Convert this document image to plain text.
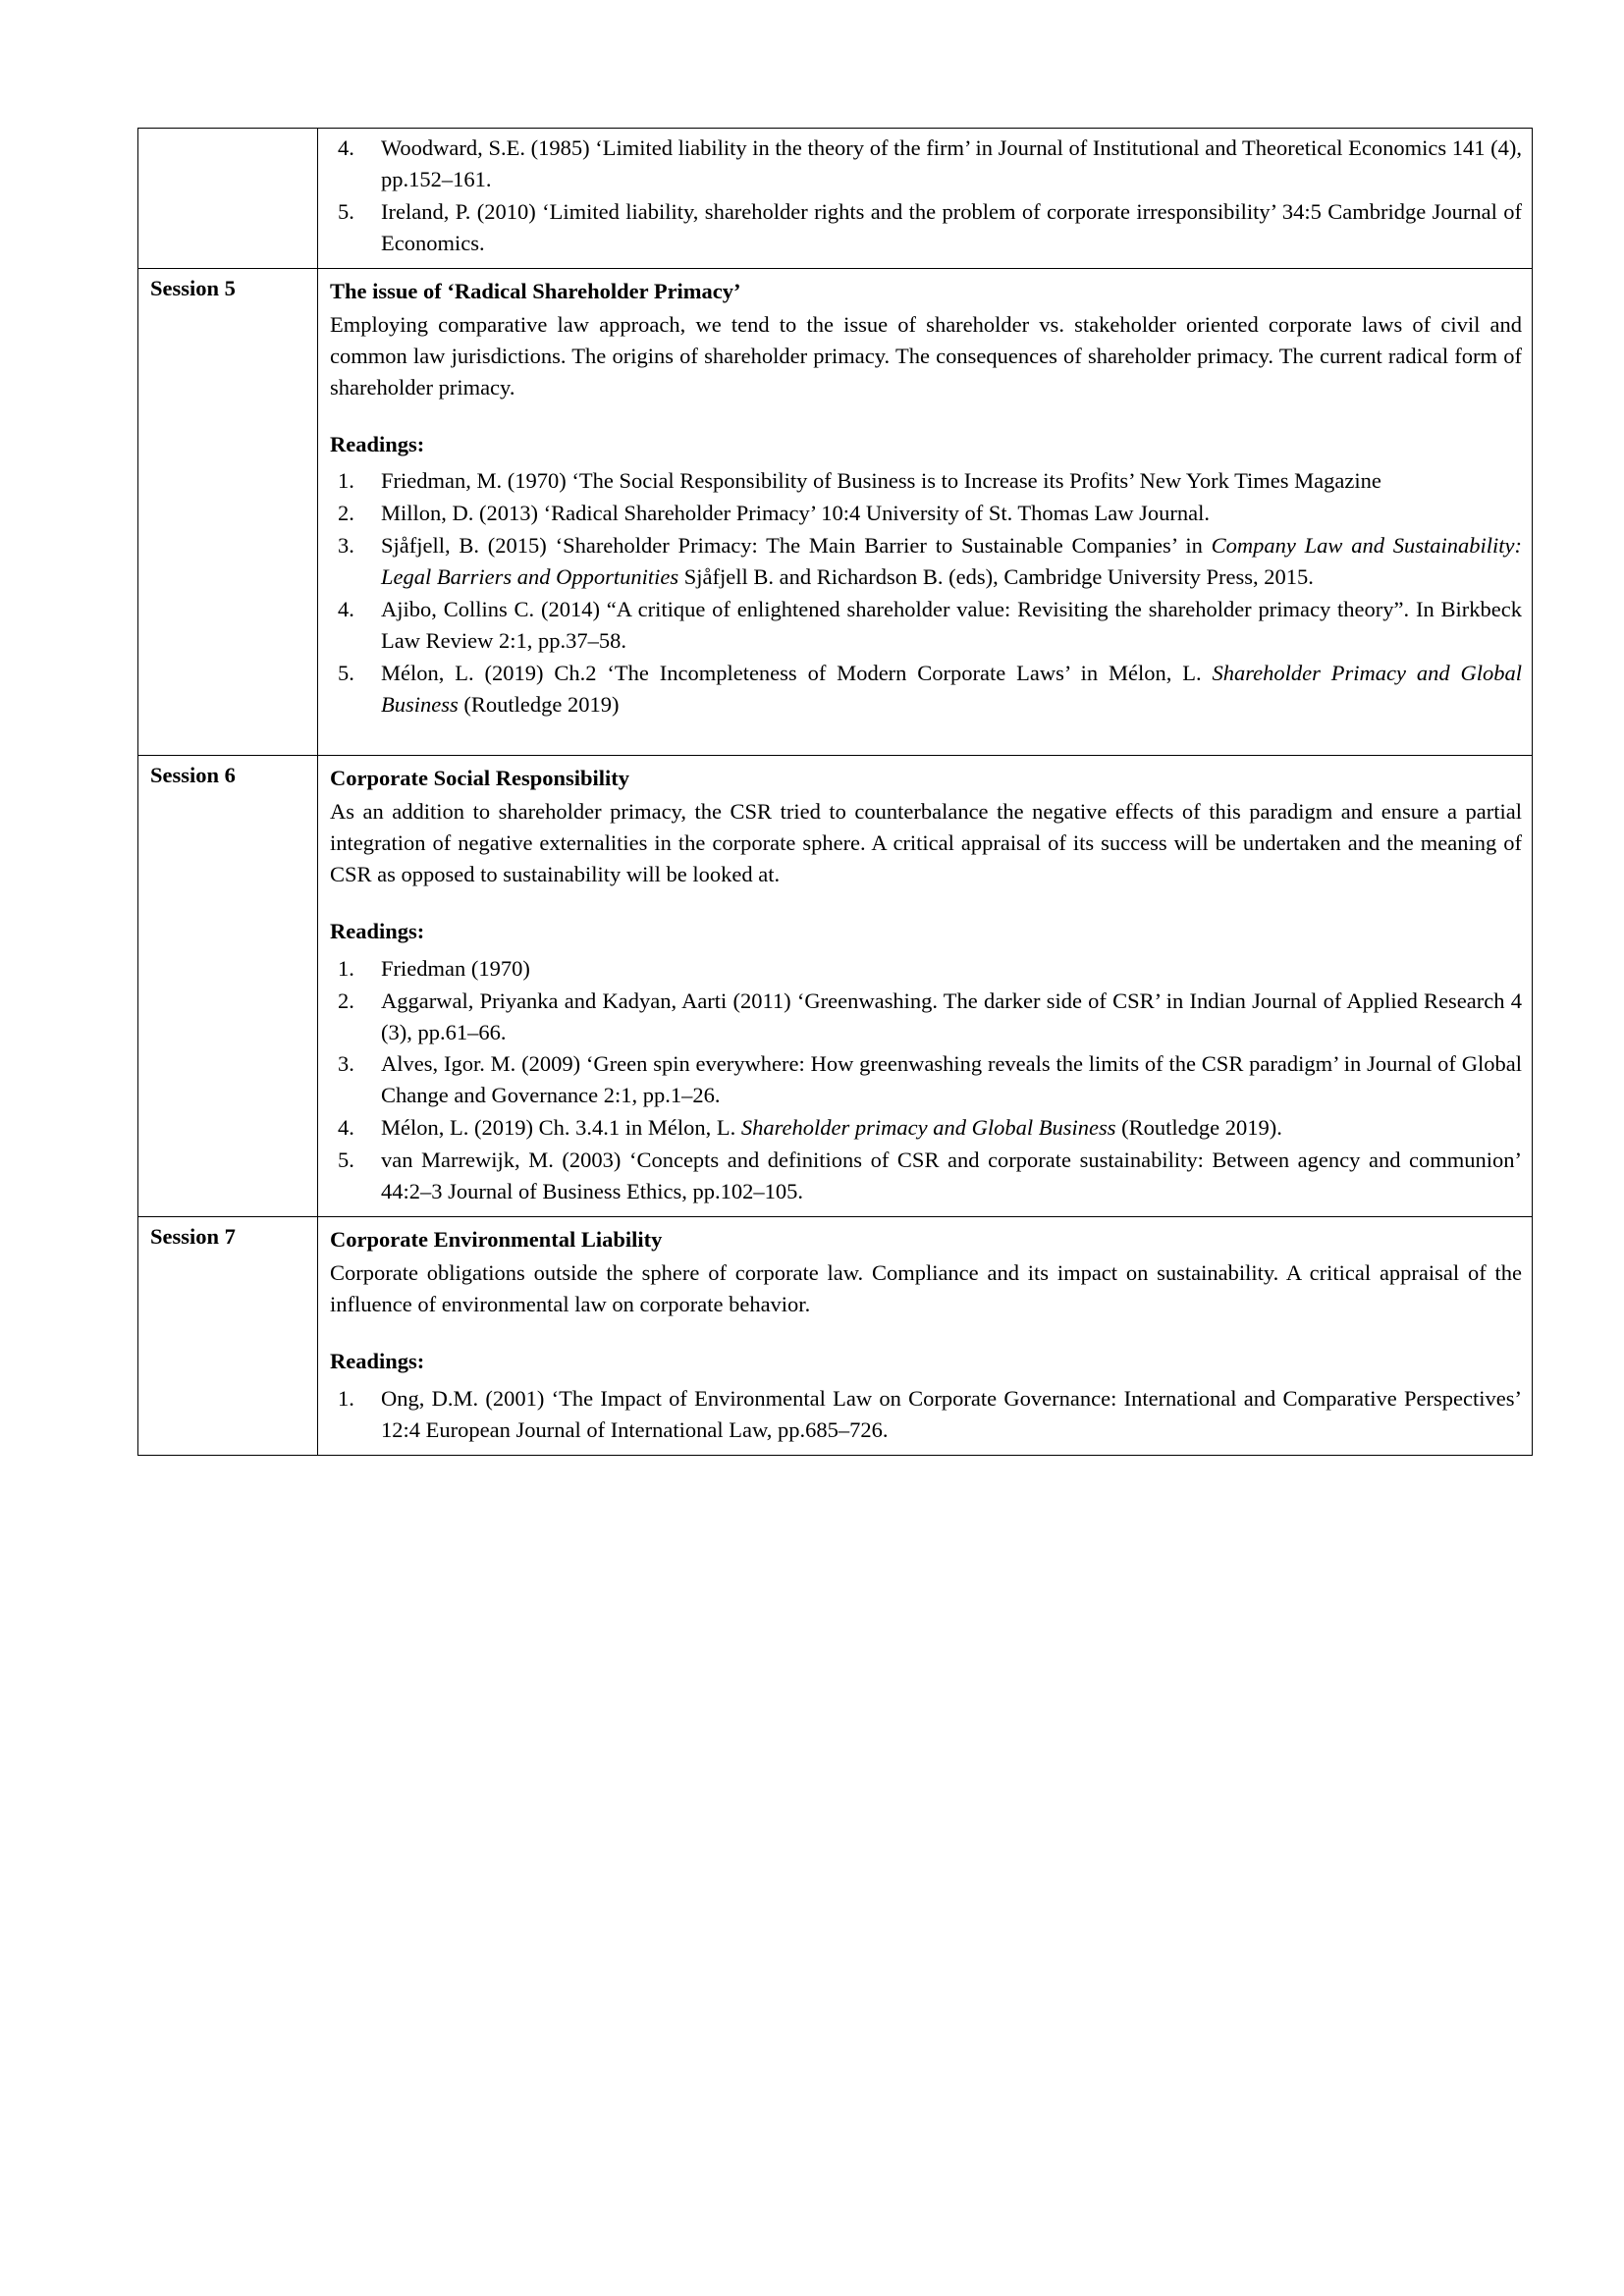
4.	Woodward, S.E. (1985) ‘Limited liability in the theory of the firm’ in Journal of Institutional and Theoretical Economics 141 (4), pp.152–161.
5.	Ireland, P. (2010) ‘Limited liability, shareholder rights and the problem of corporate irresponsibility’ 34:5 Cambridge Journal of Economics.

Session 5	The issue of ‘Radical Shareholder Primacy’
Employing comparative law approach, we tend to the issue of shareholder vs. stakeholder oriented corporate laws of civil and common law jurisdictions. The origins of shareholder primacy. The consequences of shareholder primacy. The current radical form of shareholder primacy.
Readings:
1.	Friedman, M. (1970) ‘The Social Responsibility of Business is to Increase its Profits’ New York Times Magazine
2.	Millon, D. (2013) ‘Radical Shareholder Primacy’ 10:4 University of St. Thomas Law Journal.
3.	Sjåfjell, B. (2015) ‘Shareholder Primacy: The Main Barrier to Sustainable Companies’ in Company Law and Sustainability: Legal Barriers and Opportunities Sjåfjell B. and Richardson B. (eds), Cambridge University Press, 2015.
4.	Ajibo, Collins C. (2014) “A critique of enlightened shareholder value: Revisiting the shareholder primacy theory”. In Birkbeck Law Review 2:1, pp.37–58.
5.	Mélon, L. (2019) Ch.2 ‘The Incompleteness of Modern Corporate Laws’ in Mélon, L. Shareholder Primacy and Global Business (Routledge 2019)

Session 6	Corporate Social Responsibility
As an addition to shareholder primacy, the CSR tried to counterbalance the negative effects of this paradigm and ensure a partial integration of negative externalities in the corporate sphere. A critical appraisal of its success will be undertaken and the meaning of CSR as opposed to sustainability will be looked at.
Readings:
1.	Friedman (1970)
2.	Aggarwal, Priyanka and Kadyan, Aarti (2011) ‘Greenwashing. The darker side of CSR’ in Indian Journal of Applied Research 4 (3), pp.61–66.
3.	Alves, Igor. M. (2009) ‘Green spin everywhere: How greenwashing reveals the limits of the CSR paradigm’ in Journal of Global Change and Governance 2:1, pp.1–26.
4.	Mélon, L. (2019) Ch. 3.4.1 in Mélon, L. Shareholder primacy and Global Business (Routledge 2019).
5.	van Marrewijk, M. (2003) ‘Concepts and definitions of CSR and corporate sustainability: Between agency and communion’ 44:2–3 Journal of Business Ethics, pp.102–105.

Session 7	Corporate Environmental Liability
Corporate obligations outside the sphere of corporate law. Compliance and its impact on sustainability. A critical appraisal of the influence of environmental law on corporate behavior.
Readings:
1.	Ong, D.M. (2001) ‘The Impact of Environmental Law on Corporate Governance: International and Comparative Perspectives’ 12:4 European Journal of International Law, pp.685–726.
